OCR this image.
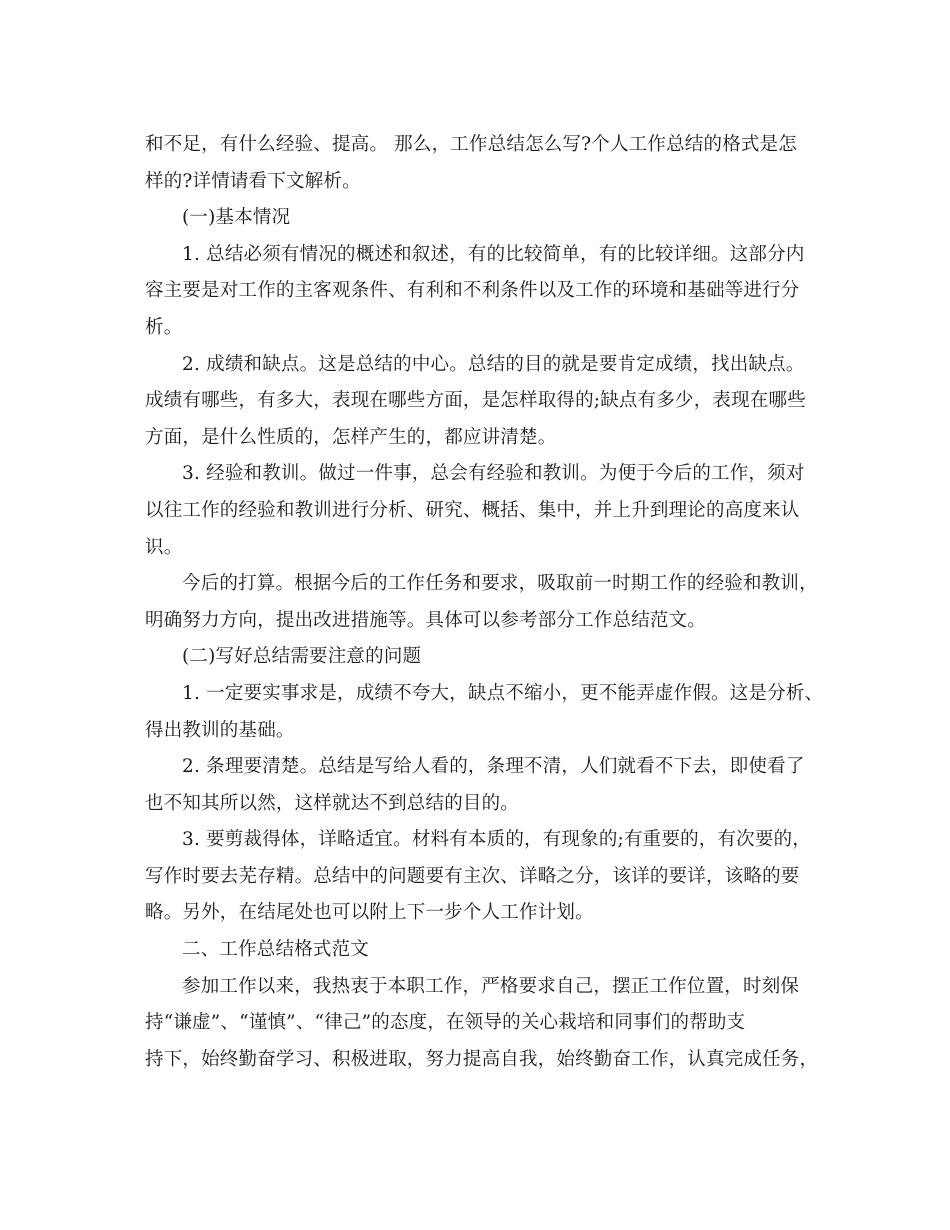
和不足，有什么经验、提高。 那么，工作总结怎么写?个人工作总结的格式是怎
样的?详情请看下文解析。
(一)基本情况
1. 总结必须有情况的概述和叙述，有的比较简单，有的比较详细。这部分内
容主要是对工作的主客观条件、有利和不利条件以及工作的环境和基础等进行分
析。
2. 成绩和缺点。这是总结的中心。总结的目的就是要肯定成绩，找出缺点。
成绩有哪些，有多大，表现在哪些方面，是怎样取得的;缺点有多少，表现在哪些
方面，是什么性质的，怎样产生的，都应讲清楚。
3. 经验和教训。做过一件事，总会有经验和教训。为便于今后的工作，须对
以往工作的经验和教训进行分析、研究、概括、集中，并上升到理论的高度来认
识。
今后的打算。根据今后的工作任务和要求，吸取前一时期工作的经验和教训，
明确努力方向，提出改进措施等。具体可以参考部分工作总结范文。
(二)写好总结需要注意的问题
1. 一定要实事求是，成绩不夸大，缺点不缩小，更不能弄虚作假。这是分析、
得出教训的基础。
2. 条理要清楚。总结是写给人看的，条理不清，人们就看不下去，即使看了
也不知其所以然，这样就达不到总结的目的。
3. 要剪裁得体，详略适宜。材料有本质的，有现象的;有重要的，有次要的，
写作时要去芜存精。总结中的问题要有主次、详略之分，该详的要详，该略的要
略。另外，在结尾处也可以附上下一步个人工作计划。
二、工作总结格式范文
参加工作以来，我热衷于本职工作，严格要求自己，摆正工作位置，时刻保
持“谦虚”、“谨慎”、“律己”的态度，在领导的关心栽培和同事们的帮助支
持下，始终勤奋学习、积极进取，努力提高自我，始终勤奋工作，认真完成任务，
